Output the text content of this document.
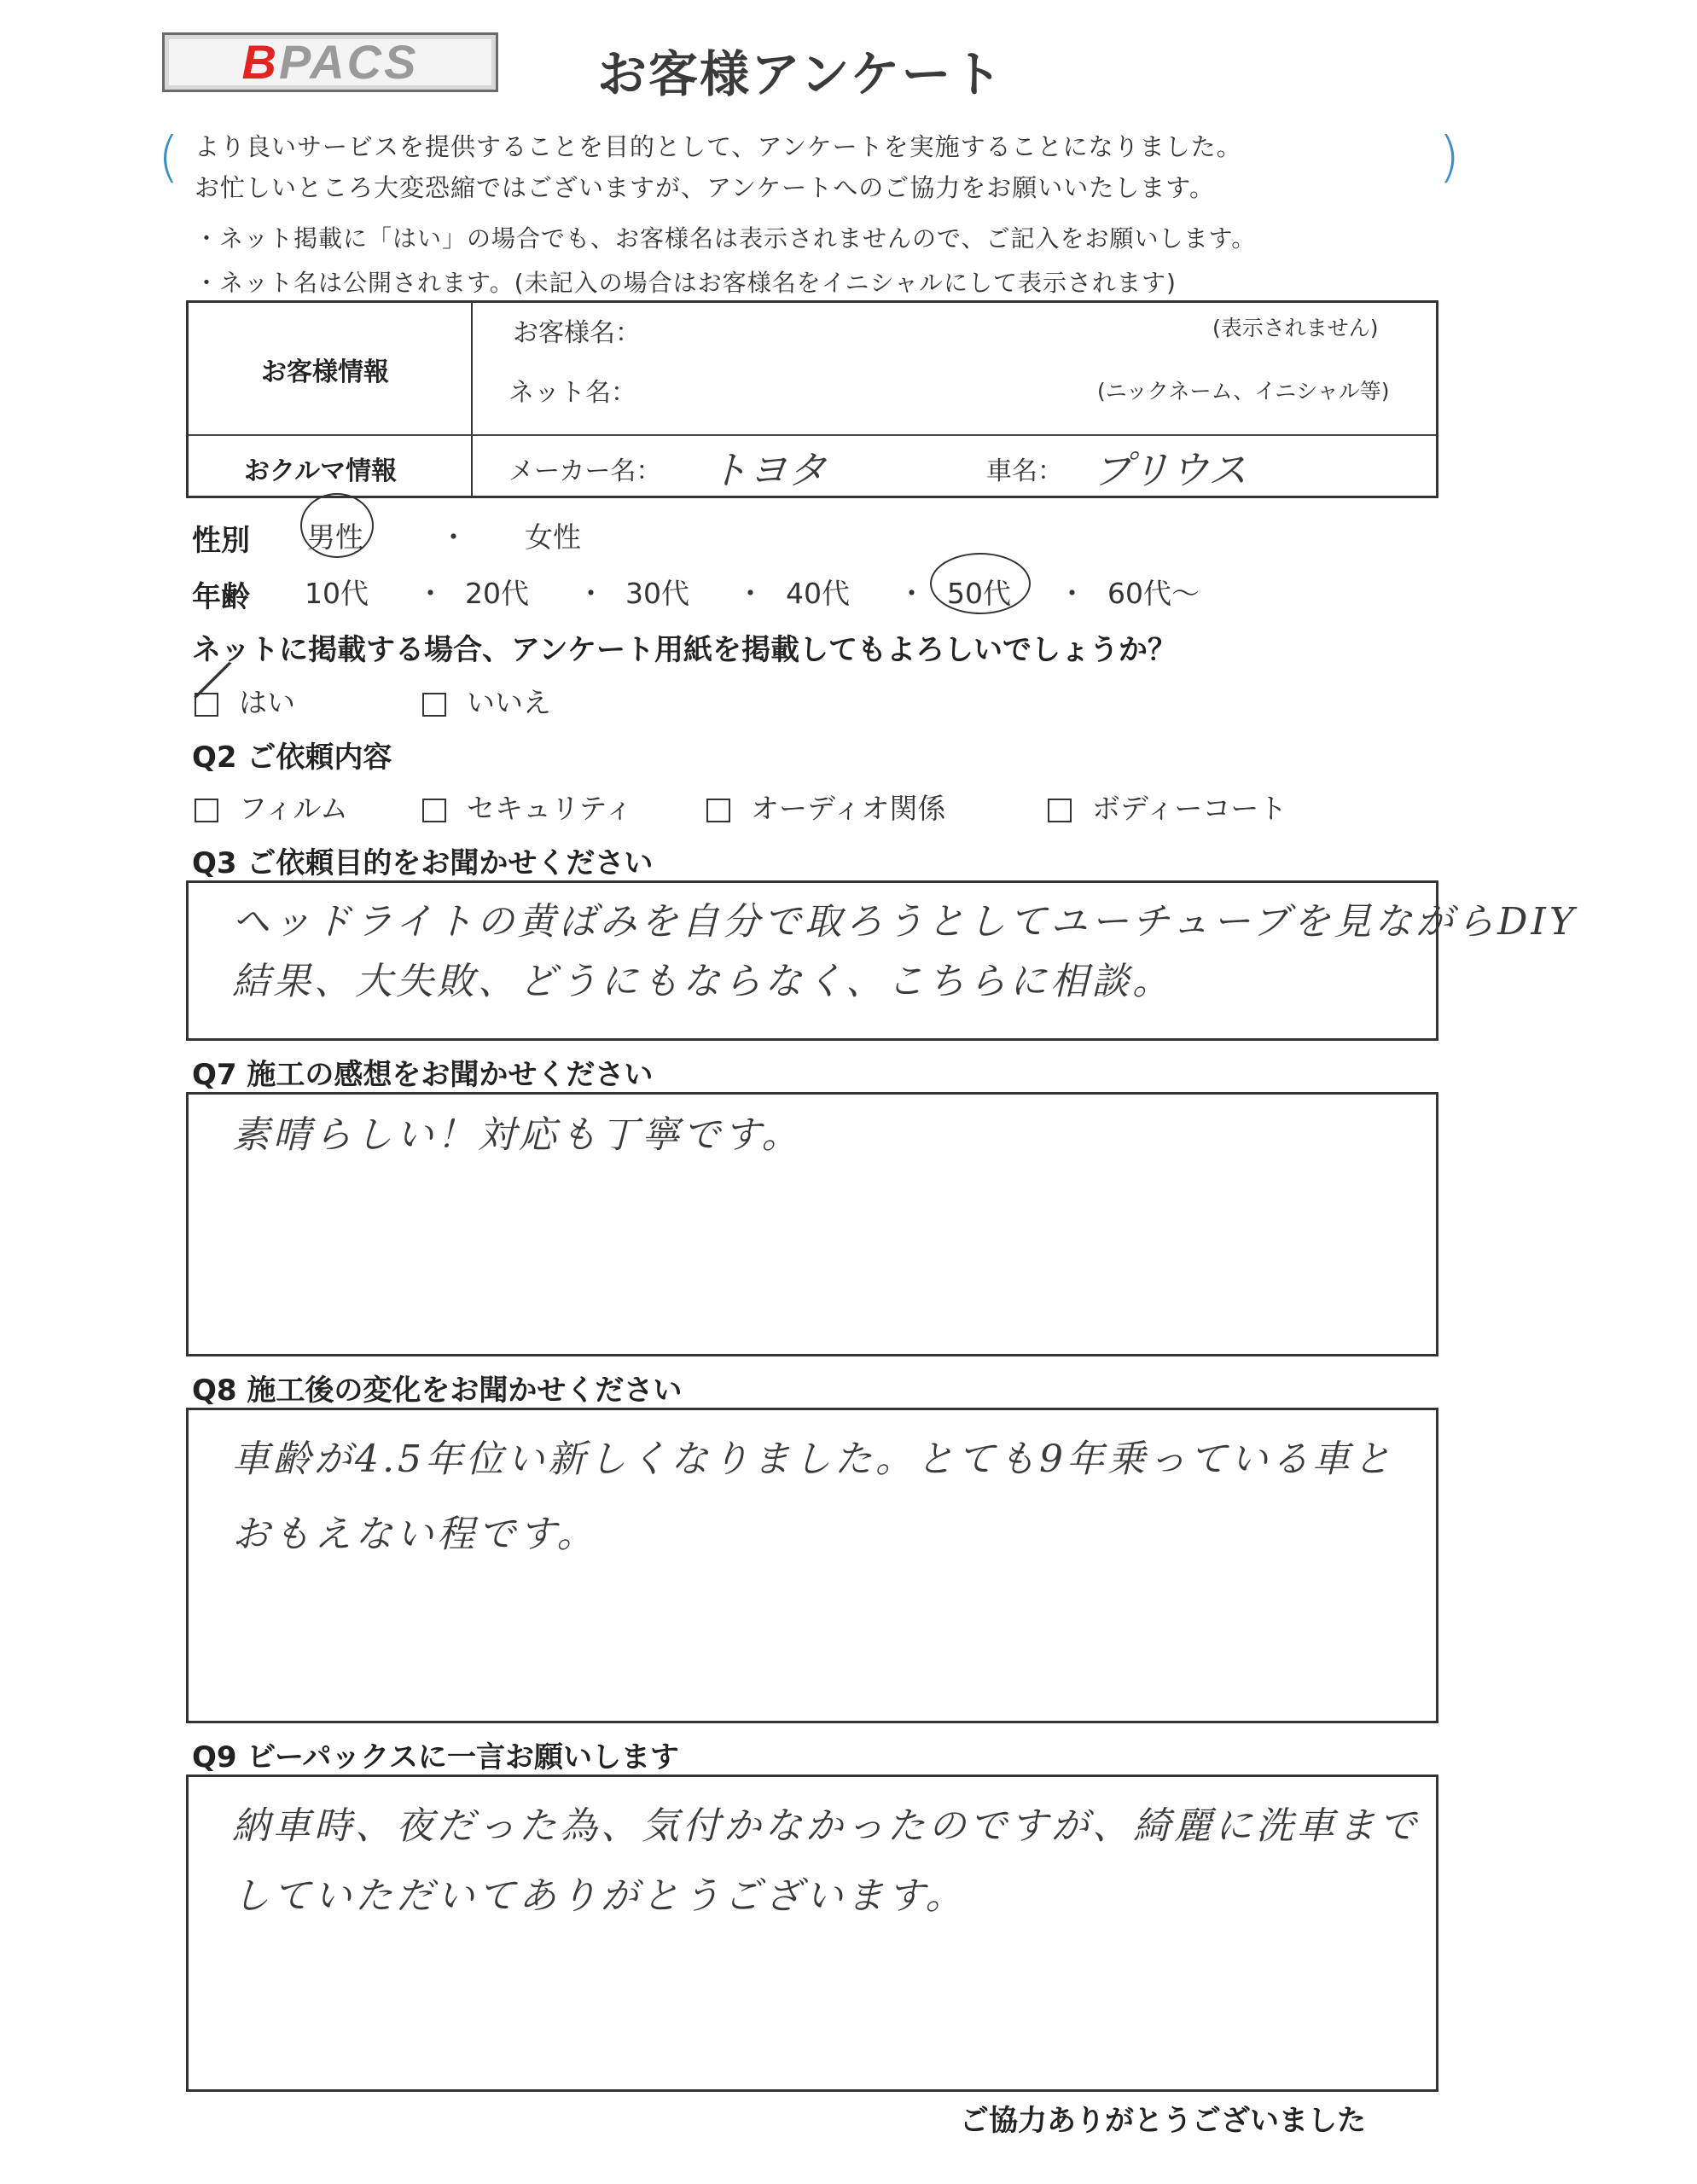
BPACS	お客様アンケート
(	)
より良いサービスを提供することを目的として、アンケートを実施することになりました。
お忙しいところ大変恐縮ではございますが、アンケートへのご協力をお願いいたします。
・ネット掲載に「はい」の場合でも、お客様名は表示されませんので、ご記入をお願いします。
・ネット名は公開されます。(未記入の場合はお客様名をイニシャルにして表示されます)
お客様情報
お客様名：	(表示されません)
ネット名：	(ニックネーム、イニシャル等)
おクルマ情報	メーカー名： トヨタ	車名： プリウス
性別 男性	・ 女性
年齢 10代 ・ 20代 ・ 30代 ・ 40代 ・ 50代 ・ 60代～
ネットに掲載する場合、アンケート用紙を掲載してもよろしいでしょうか？
はい
╱	いいえ
Q2 ご依頼内容
フィルム	セキュリティ	オーディオ関係	ボディーコート
Q3 ご依頼目的をお聞かせください
ヘッドライトの黄ばみを自分で取ろうとしてユーチューブを見ながらDIY
結果、大失敗、どうにもならなく、こちらに相談。
Q7 施工の感想をお聞かせください
素晴らしい！対応も丁寧です。
Q8 施工後の変化をお聞かせください
車齢が4.5年位い新しくなりました。とても9年乗っている車と
おもえない程です。
Q9 ビーパックスに一言お願いします
納車時、夜だった為、気付かなかったのですが、綺麗に洗車まで
していただいてありがとうございます。
ご協力ありがとうございました
